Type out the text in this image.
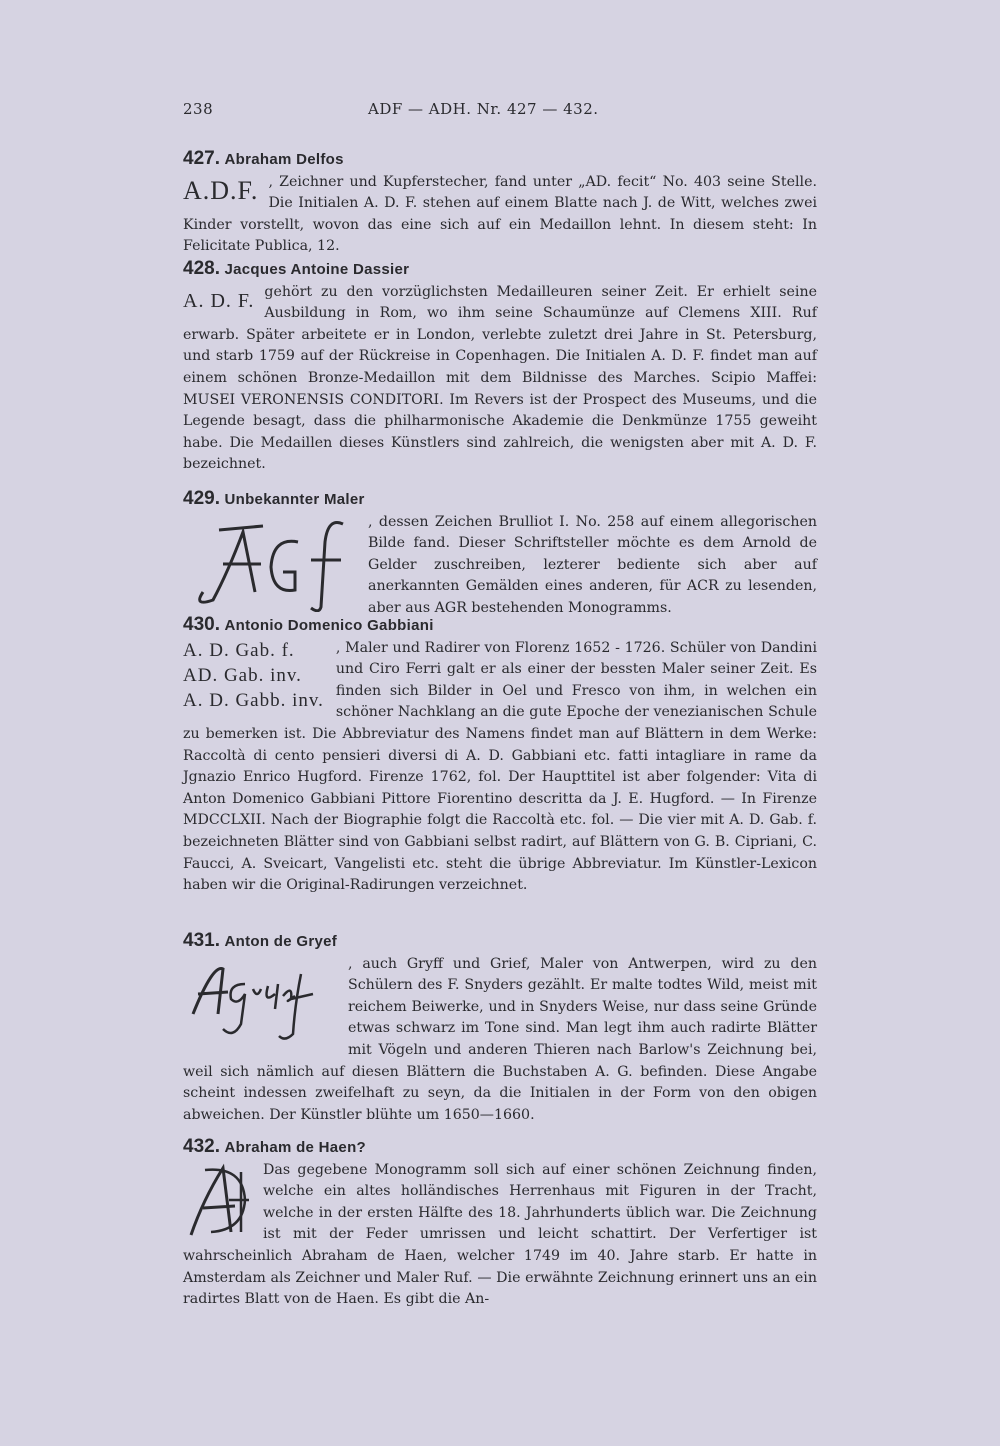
238	ADF — ADH. Nr. 427 — 432.
427. Abraham Delfos

A.D.F. , Zeichner und Kupferstecher, fand unter „AD. fecit“ No. 403 seine Stelle. Die Initialen A. D. F. stehen auf einem Blatte nach J. de Witt, welches zwei Kinder vorstellt, wovon das eine sich auf ein Medaillon lehnt. In diesem steht: In Felicitate Publica, 12.
428. Jacques Antoine Dassier

A. D. F. gehört zu den vorzüglichsten Medailleuren seiner Zeit. Er erhielt seine Ausbildung in Rom, wo ihm seine Schaumünze auf Clemens XIII. Ruf erwarb. Später arbeitete er in London, verlebte zuletzt drei Jahre in St. Petersburg, und starb 1759 auf der Rückreise in Copenhagen. Die Initialen A. D. F. findet man auf einem schönen Bronze-Medaillon mit dem Bildnisse des Marches. Scipio Maffei: MUSEI VERONENSIS CONDITORI. Im Revers ist der Prospect des Museums, und die Legende besagt, dass die philharmonische Akademie die Denkmünze 1755 geweiht habe. Die Medaillen dieses Künstlers sind zahlreich, die wenigsten aber mit A. D. F. bezeichnet.
429. Unbekannter Maler

, dessen Zeichen Brulliot I. No. 258 auf einem allegorischen Bilde fand. Dieser Schriftsteller möchte es dem Arnold de Gelder zuschreiben, lezterer bediente sich aber auf anerkannten Gemälden eines anderen, für ACR zu lesenden, aber aus AGR bestehenden Monogramms.
430. Antonio Domenico Gabbiani

A. D. Gab. f.
AD. Gab. inv.
A. D. Gabb. inv.
, Maler und Radirer von Florenz 1652 - 1726. Schüler von Dandini und Ciro Ferri galt er als einer der bessten Maler seiner Zeit. Es finden sich Bilder in Oel und Fresco von ihm, in welchen ein schöner Nachklang an die gute Epoche der venezianischen Schule zu bemerken ist. Die Abbreviatur des Namens findet man auf Blättern in dem Werke: Raccoltà di cento pensieri diversi di A. D. Gabbiani etc. fatti intagliare in rame da Jgnazio Enrico Hugford. Firenze 1762, fol. Der Haupttitel ist aber folgender: Vita di Anton Domenico Gabbiani Pittore Fiorentino descritta da J. E. Hugford. — In Firenze MDCCLXII. Nach der Biographie folgt die Raccoltà etc. fol. — Die vier mit A. D. Gab. f. bezeichneten Blätter sind von Gabbiani selbst radirt, auf Blättern von G. B. Cipriani, C. Faucci, A. Sveicart, Vangelisti etc. steht die übrige Abbreviatur. Im Künstler-Lexicon haben wir die Original-Radirungen verzeichnet.
431. Anton de Gryef

, auch Gryff und Grief, Maler von Antwerpen, wird zu den Schülern des F. Snyders gezählt. Er malte todtes Wild, meist mit reichem Beiwerke, und in Snyders Weise, nur dass seine Gründe etwas schwarz im Tone sind. Man legt ihm auch radirte Blätter mit Vögeln und anderen Thieren nach Barlow's Zeichnung bei, weil sich nämlich auf diesen Blättern die Buchstaben A. G. befinden. Diese Angabe scheint indessen zweifelhaft zu seyn, da die Initialen in der Form von den obigen abweichen. Der Künstler blühte um 1650—1660.
432. Abraham de Haen?

Das gegebene Monogramm soll sich auf einer schönen Zeichnung finden, welche ein altes holländisches Herrenhaus mit Figuren in der Tracht, welche in der ersten Hälfte des 18. Jahrhunderts üblich war. Die Zeichnung ist mit der Feder umrissen und leicht schattirt. Der Verfertiger ist wahrscheinlich Abraham de Haen, welcher 1749 im 40. Jahre starb. Er hatte in Amsterdam als Zeichner und Maler Ruf. — Die erwähnte Zeichnung erinnert uns an ein radirtes Blatt von de Haen. Es gibt die An-
